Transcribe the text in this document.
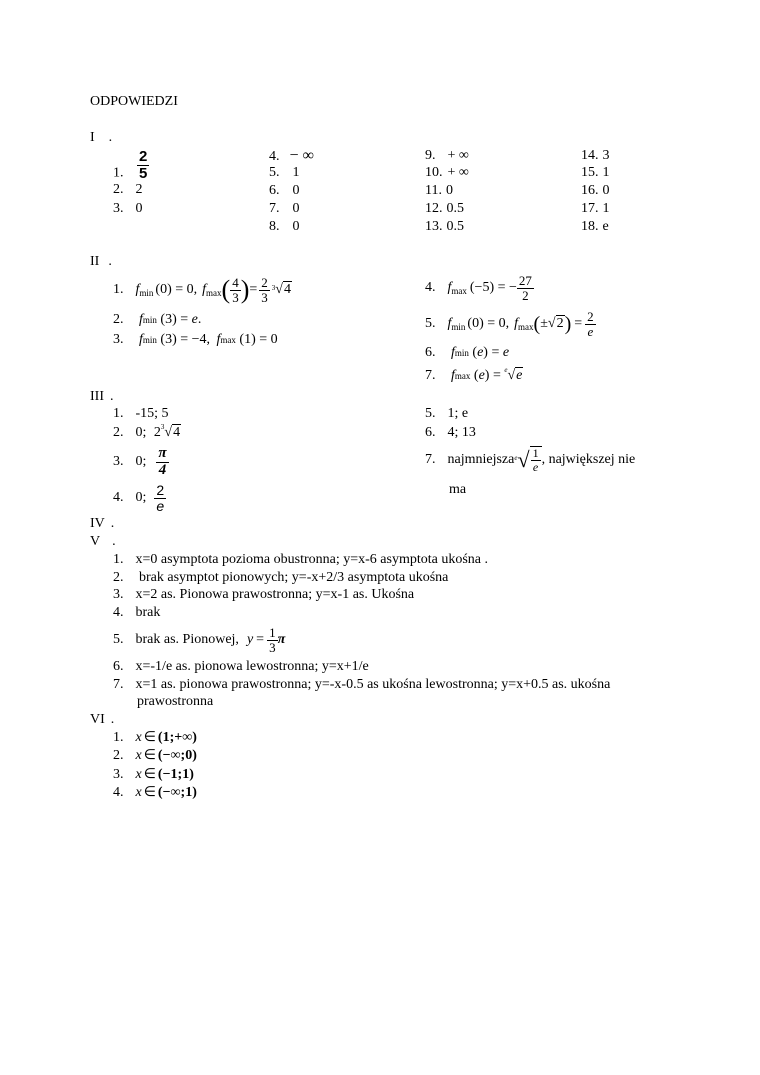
ODPOWIEDZI
I .
1. $\frac{2}{5}$
2. 2
3. 0
4. − ∞
5. 1
6. 0
7. 0
8. 0
9. + ∞
10. + ∞
11. 0
12. 0.5
13. 0.5
14. 3
15. 1
16. 0
17. 1
18. e
II .
1. f min (0) = 0, f max ( $\frac{4}{3}$ ) = $\frac{2}{3} 3$ √4
2. fmin (3) = e.
3. fmin (3) = −4, fmax (1) = 0
4. f max (−5) = − $\frac{27}{2}$
5. f min (0) = 0, f max ( ± √2 ) = $\frac{2}{e}$
6. fmin (e) = e
7. fmax (e) = $^e$√e
III .
1. -15; 5
2. 0; $2^3√4$
3. 0; $\frac{\pi}{4}$
4. 0; $\frac{2}{e}$
5. 1; e
6. 4; 13
7. najmniejsza e √ $\frac{1}{e}$ , największej nie
ma
IV .
V .
1. x=0 asymptota pozioma obustronna; y=x-6 asymptota ukośna .
2. brak asymptot pionowych; y=-x+2/3 asymptota ukośna
3. x=2 as. Pionowa prawostronna; y=x-1 as. Ukośna
4. brak
5. brak as. Pionowej, $y = \frac{1}{3}$ π
6. x=-1/e as. pionowa lewostronna; y=x+1/e
7. x=1 as. pionowa prawostronna; y=-x-0.5 as ukośna lewostronna; y=x+0.5 as. ukośna
prawostronna
VI .
1. x ∈ (1;+∞)
2. x ∈ (−∞;0)
3. x ∈ (−1;1)
4. x ∈ (−∞;1)
